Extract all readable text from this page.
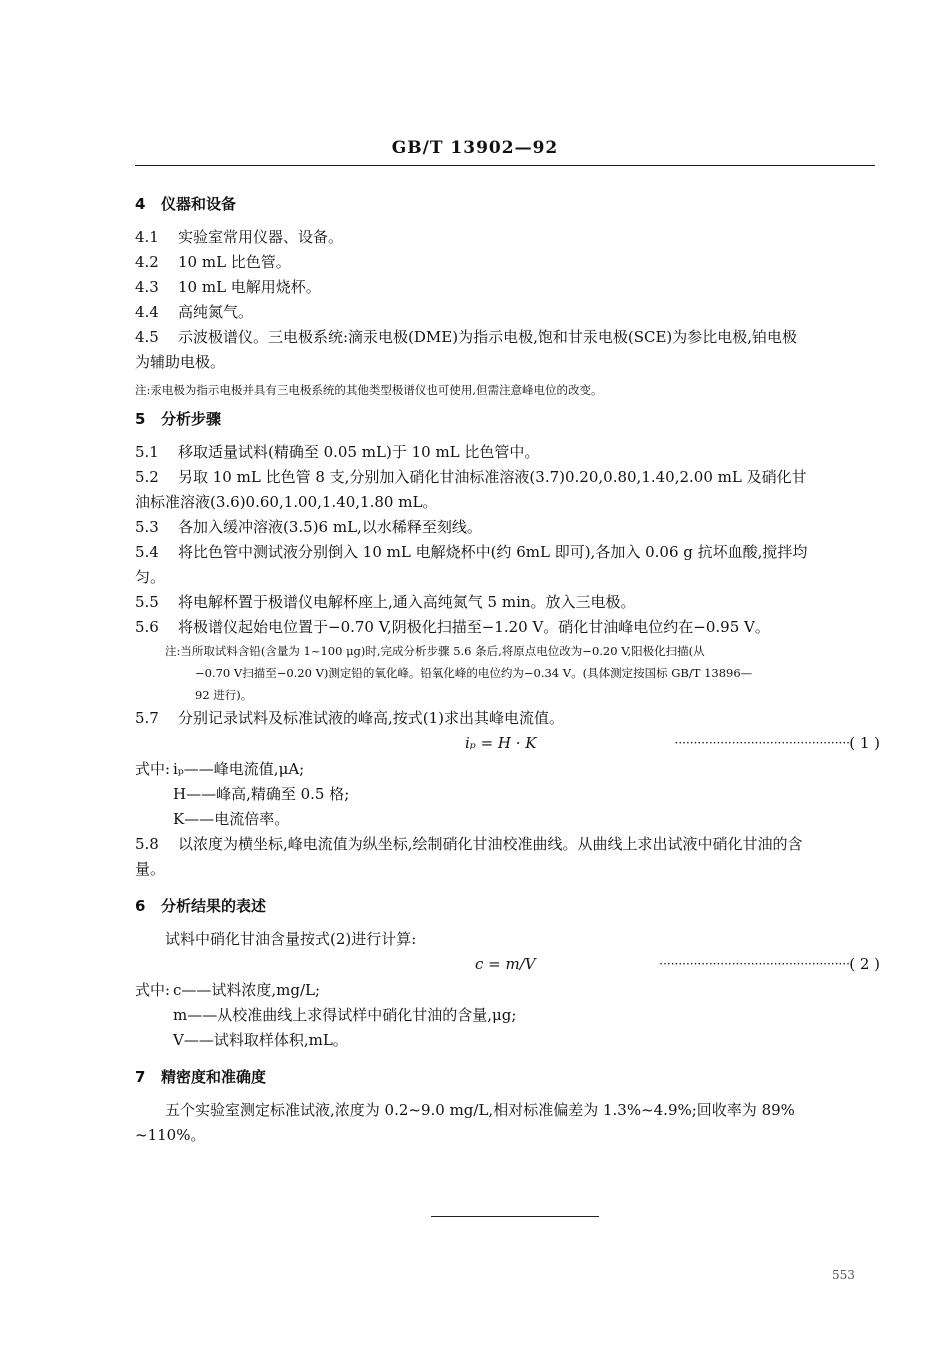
GB/T 13902—92

4 仪器和设备

4.1 实验室常用仪器、设备。

4.2 10 mL 比色管。

4.3 10 mL 电解用烧杯。

4.4 高纯氮气。

4.5 示波极谱仪。三电极系统:滴汞电极(DME)为指示电极,饱和甘汞电极(SCE)为参比电极,铂电极

为辅助电极。

注:汞电极为指示电极并具有三电极系统的其他类型极谱仪也可使用,但需注意峰电位的改变。

5 分析步骤

5.1 移取适量试料(精确至 0.05 mL)于 10 mL 比色管中。

5.2 另取 10 mL 比色管 8 支,分别加入硝化甘油标准溶液(3.7)0.20,0.80,1.40,2.00 mL 及硝化甘

油标准溶液(3.6)0.60,1.00,1.40,1.80 mL。

5.3 各加入缓冲溶液(3.5)6 mL,以水稀释至刻线。

5.4 将比色管中测试液分别倒入 10 mL 电解烧杯中(约 6mL 即可),各加入 0.06 g 抗坏血酸,搅拌均

匀。

5.5 将电解杯置于极谱仪电解杯座上,通入高纯氮气 5 min。放入三电极。

5.6 将极谱仪起始电位置于−0.70 V,阴极化扫描至−1.20 V。硝化甘油峰电位约在−0.95 V。

注:当所取试料含铅(含量为 1~100 μg)时,完成分析步骤 5.6 条后,将原点电位改为−0.20 V,阳极化扫描(从
−0.70 V扫描至−0.20 V)测定铅的氧化峰。铅氧化峰的电位约为−0.34 V。(具体测定按国标 GB/T 13896—
92 进行)。

5.7 分别记录试料及标准试液的峰高,按式(1)求出其峰电流值。

iₚ = H · K	·············································· ( 1 )

式中: iₚ——峰电流值,μA;

H——峰高,精确至 0.5 格;

K——电流倍率。

5.8 以浓度为横坐标,峰电流值为纵坐标,绘制硝化甘油校准曲线。从曲线上求出试液中硝化甘油的含

量。

6 分析结果的表述

试料中硝化甘油含量按式(2)进行计算:

c = m/V	·················································· ( 2 )

式中: c——试料浓度,mg/L;

m——从校准曲线上求得试样中硝化甘油的含量,μg;

V——试料取样体积,mL。

7 精密度和准确度

五个实验室测定标准试液,浓度为 0.2~9.0 mg/L,相对标准偏差为 1.3%~4.9%;回收率为 89%

~110%。

553
